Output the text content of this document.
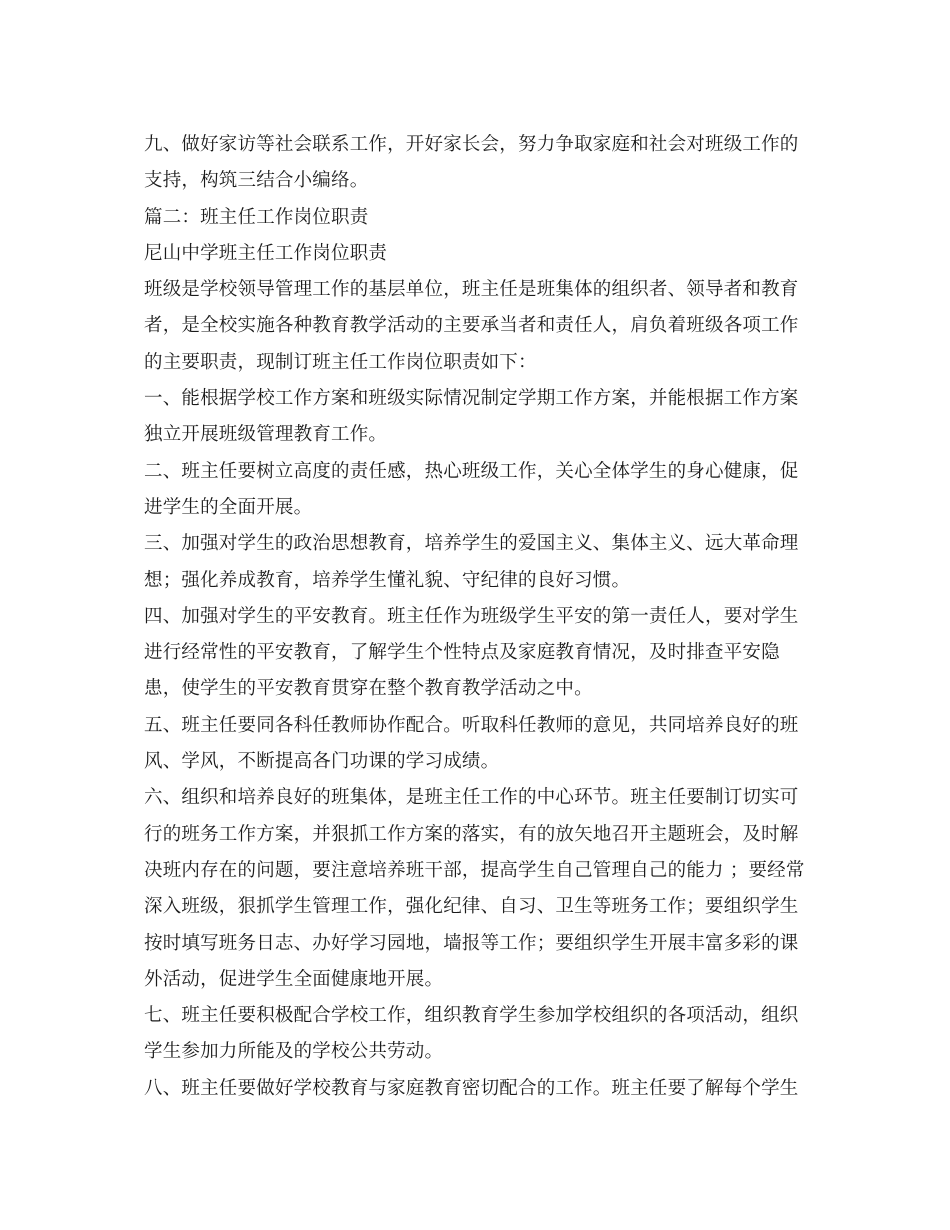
九、做好家访等社会联系工作，开好家长会，努力争取家庭和社会对班级工作的
支持，构筑三结合小编络。
篇二：班主任工作岗位职责
尼山中学班主任工作岗位职责
班级是学校领导管理工作的基层单位，班主任是班集体的组织者、领导者和教育
者，是全校实施各种教育教学活动的主要承当者和责任人，肩负着班级各项工作
的主要职责，现制订班主任工作岗位职责如下：
一、能根据学校工作方案和班级实际情况制定学期工作方案，并能根据工作方案
独立开展班级管理教育工作。
二、班主任要树立高度的责任感，热心班级工作，关心全体学生的身心健康，促
进学生的全面开展。
三、加强对学生的政治思想教育，培养学生的爱国主义、集体主义、远大革命理
想；强化养成教育，培养学生懂礼貌、守纪律的良好习惯。
四、加强对学生的平安教育。班主任作为班级学生平安的第一责任人，要对学生
进行经常性的平安教育，了解学生个性特点及家庭教育情况，及时排查平安隐
患，使学生的平安教育贯穿在整个教育教学活动之中。
五、班主任要同各科任教师协作配合。听取科任教师的意见，共同培养良好的班
风、学风，不断提高各门功课的学习成绩。
六、组织和培养良好的班集体，是班主任工作的中心环节。班主任要制订切实可
行的班务工作方案，并狠抓工作方案的落实，有的放矢地召开主题班会，及时解
决班内存在的问题，要注意培养班干部，提高学生自己管理自己的能力 ；要经常
深入班级，狠抓学生管理工作，强化纪律、自习、卫生等班务工作；要组织学生
按时填写班务日志、办好学习园地，墙报等工作；要组织学生开展丰富多彩的课
外活动，促进学生全面健康地开展。
七、班主任要积极配合学校工作，组织教育学生参加学校组织的各项活动，组织
学生参加力所能及的学校公共劳动。
八、班主任要做好学校教育与家庭教育密切配合的工作。班主任要了解每个学生
